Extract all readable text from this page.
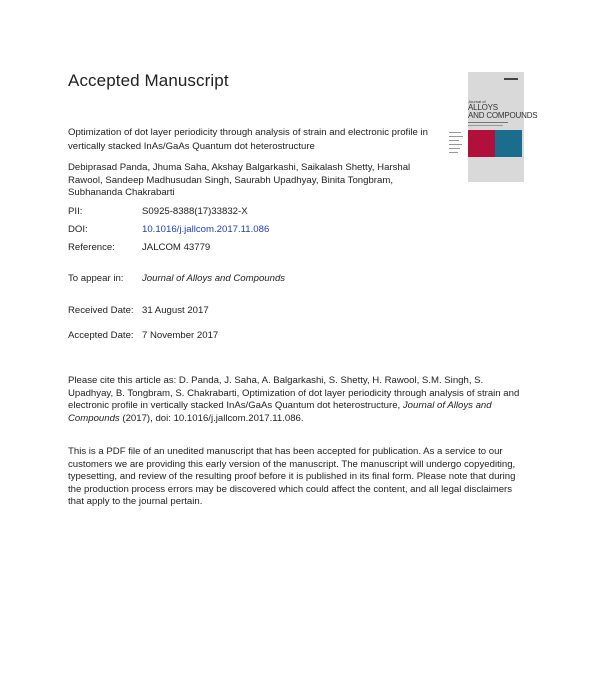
Accepted Manuscript
Journal of
ALLOYS
AND COMPOUNDS
Optimization of dot layer periodicity through analysis of strain and electronic profile in vertically stacked InAs/GaAs Quantum dot heterostructure
Debiprasad Panda, Jhuma Saha, Akshay Balgarkashi, Saikalash Shetty, Harshal Rawool, Sandeep Madhusudan Singh, Saurabh Upadhyay, Binita Tongbram, Subhananda Chakrabarti
PII:	S0925-8388(17)33832-X
DOI:	10.1016/j.jallcom.2017.11.086
Reference:	JALCOM 43779
To appear in: Journal of Alloys and Compounds
Received Date: 31 August 2017
Accepted Date: 7 November 2017
Please cite this article as: D. Panda, J. Saha, A. Balgarkashi, S. Shetty, H. Rawool, S.M. Singh, S. Upadhyay, B. Tongbram, S. Chakrabarti, Optimization of dot layer periodicity through analysis of strain and electronic profile in vertically stacked InAs/GaAs Quantum dot heterostructure, Journal of Alloys and Compounds (2017), doi: 10.1016/j.jallcom.2017.11.086.
This is a PDF file of an unedited manuscript that has been accepted for publication. As a service to our customers we are providing this early version of the manuscript. The manuscript will undergo copyediting, typesetting, and review of the resulting proof before it is published in its final form. Please note that during the production process errors may be discovered which could affect the content, and all legal disclaimers that apply to the journal pertain.
